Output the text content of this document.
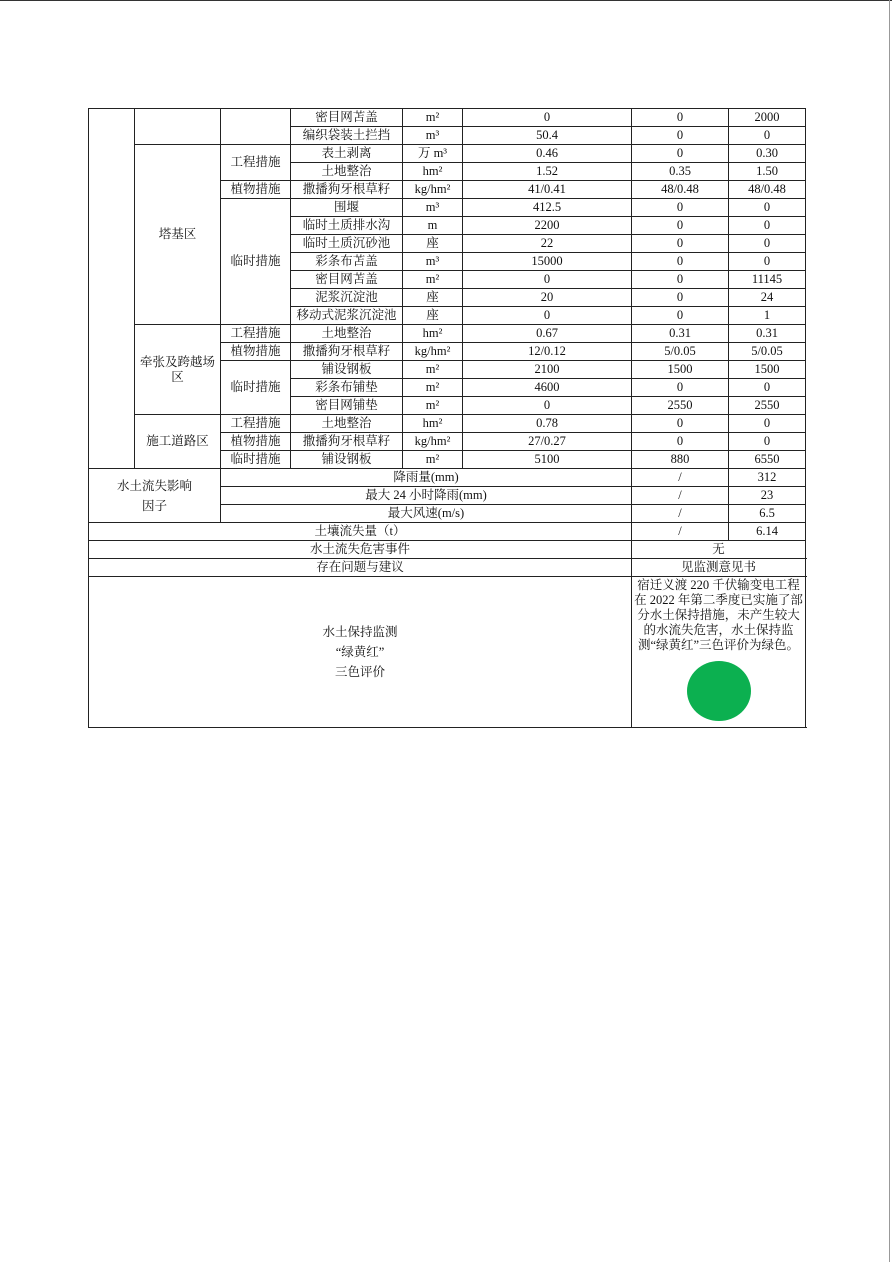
			密目网苫盖	m²	0	0	2000	
			编织袋装土拦挡	m³	50.4	0	0	
	塔基区	工程措施	表土剥离	万 m³	0.46	0	0.30	
			土地整治	hm²	1.52	0.35	1.50	
		植物措施	撒播狗牙根草籽	kg/hm²	41/0.41	48/0.48	48/0.48	
		临时措施	围堰	m³	412.5	0	0	
			临时土质排水沟	m	2200	0	0	
			临时土质沉砂池	座	22	0	0	
			彩条布苫盖	m³	15000	0	0	
			密目网苫盖	m²	0	0	11145	
			泥浆沉淀池	座	20	0	24	
			移动式泥浆沉淀池	座	0	0	1	
	牵张及跨越场区	工程措施	土地整治	hm²	0.67	0.31	0.31	
		植物措施	撒播狗牙根草籽	kg/hm²	12/0.12	5/0.05	5/0.05	
		临时措施	铺设钢板	m²	2100	1500	1500	
			彩条布铺垫	m²	4600	0	0	
			密目网铺垫	m²	0	2550	2550	
	施工道路区	工程措施	土地整治	hm²	0.78	0	0	
		植物措施	撒播狗牙根草籽	kg/hm²	27/0.27	0	0	
		临时措施	铺设钢板	m²	5100	880	6550	

水土流失影响因子		降雨量(mm)				/	312	
		最大 24 小时降雨(mm)				/	23	
		最大风速(m/s)				/	6.5	
土壤流失量（t）						/	6.14	
水土流失危害事件						无		
存在问题与建议						见监测意见书		

水土保持监测
“绿黄红”
三色评价						宿迁义渡 220 千伏输变电工程在 2022 年第二季度已实施了部分水土保持措施，未产生较大的水流失危害，水土保持监测“绿黄红”三色评价为绿色。		
